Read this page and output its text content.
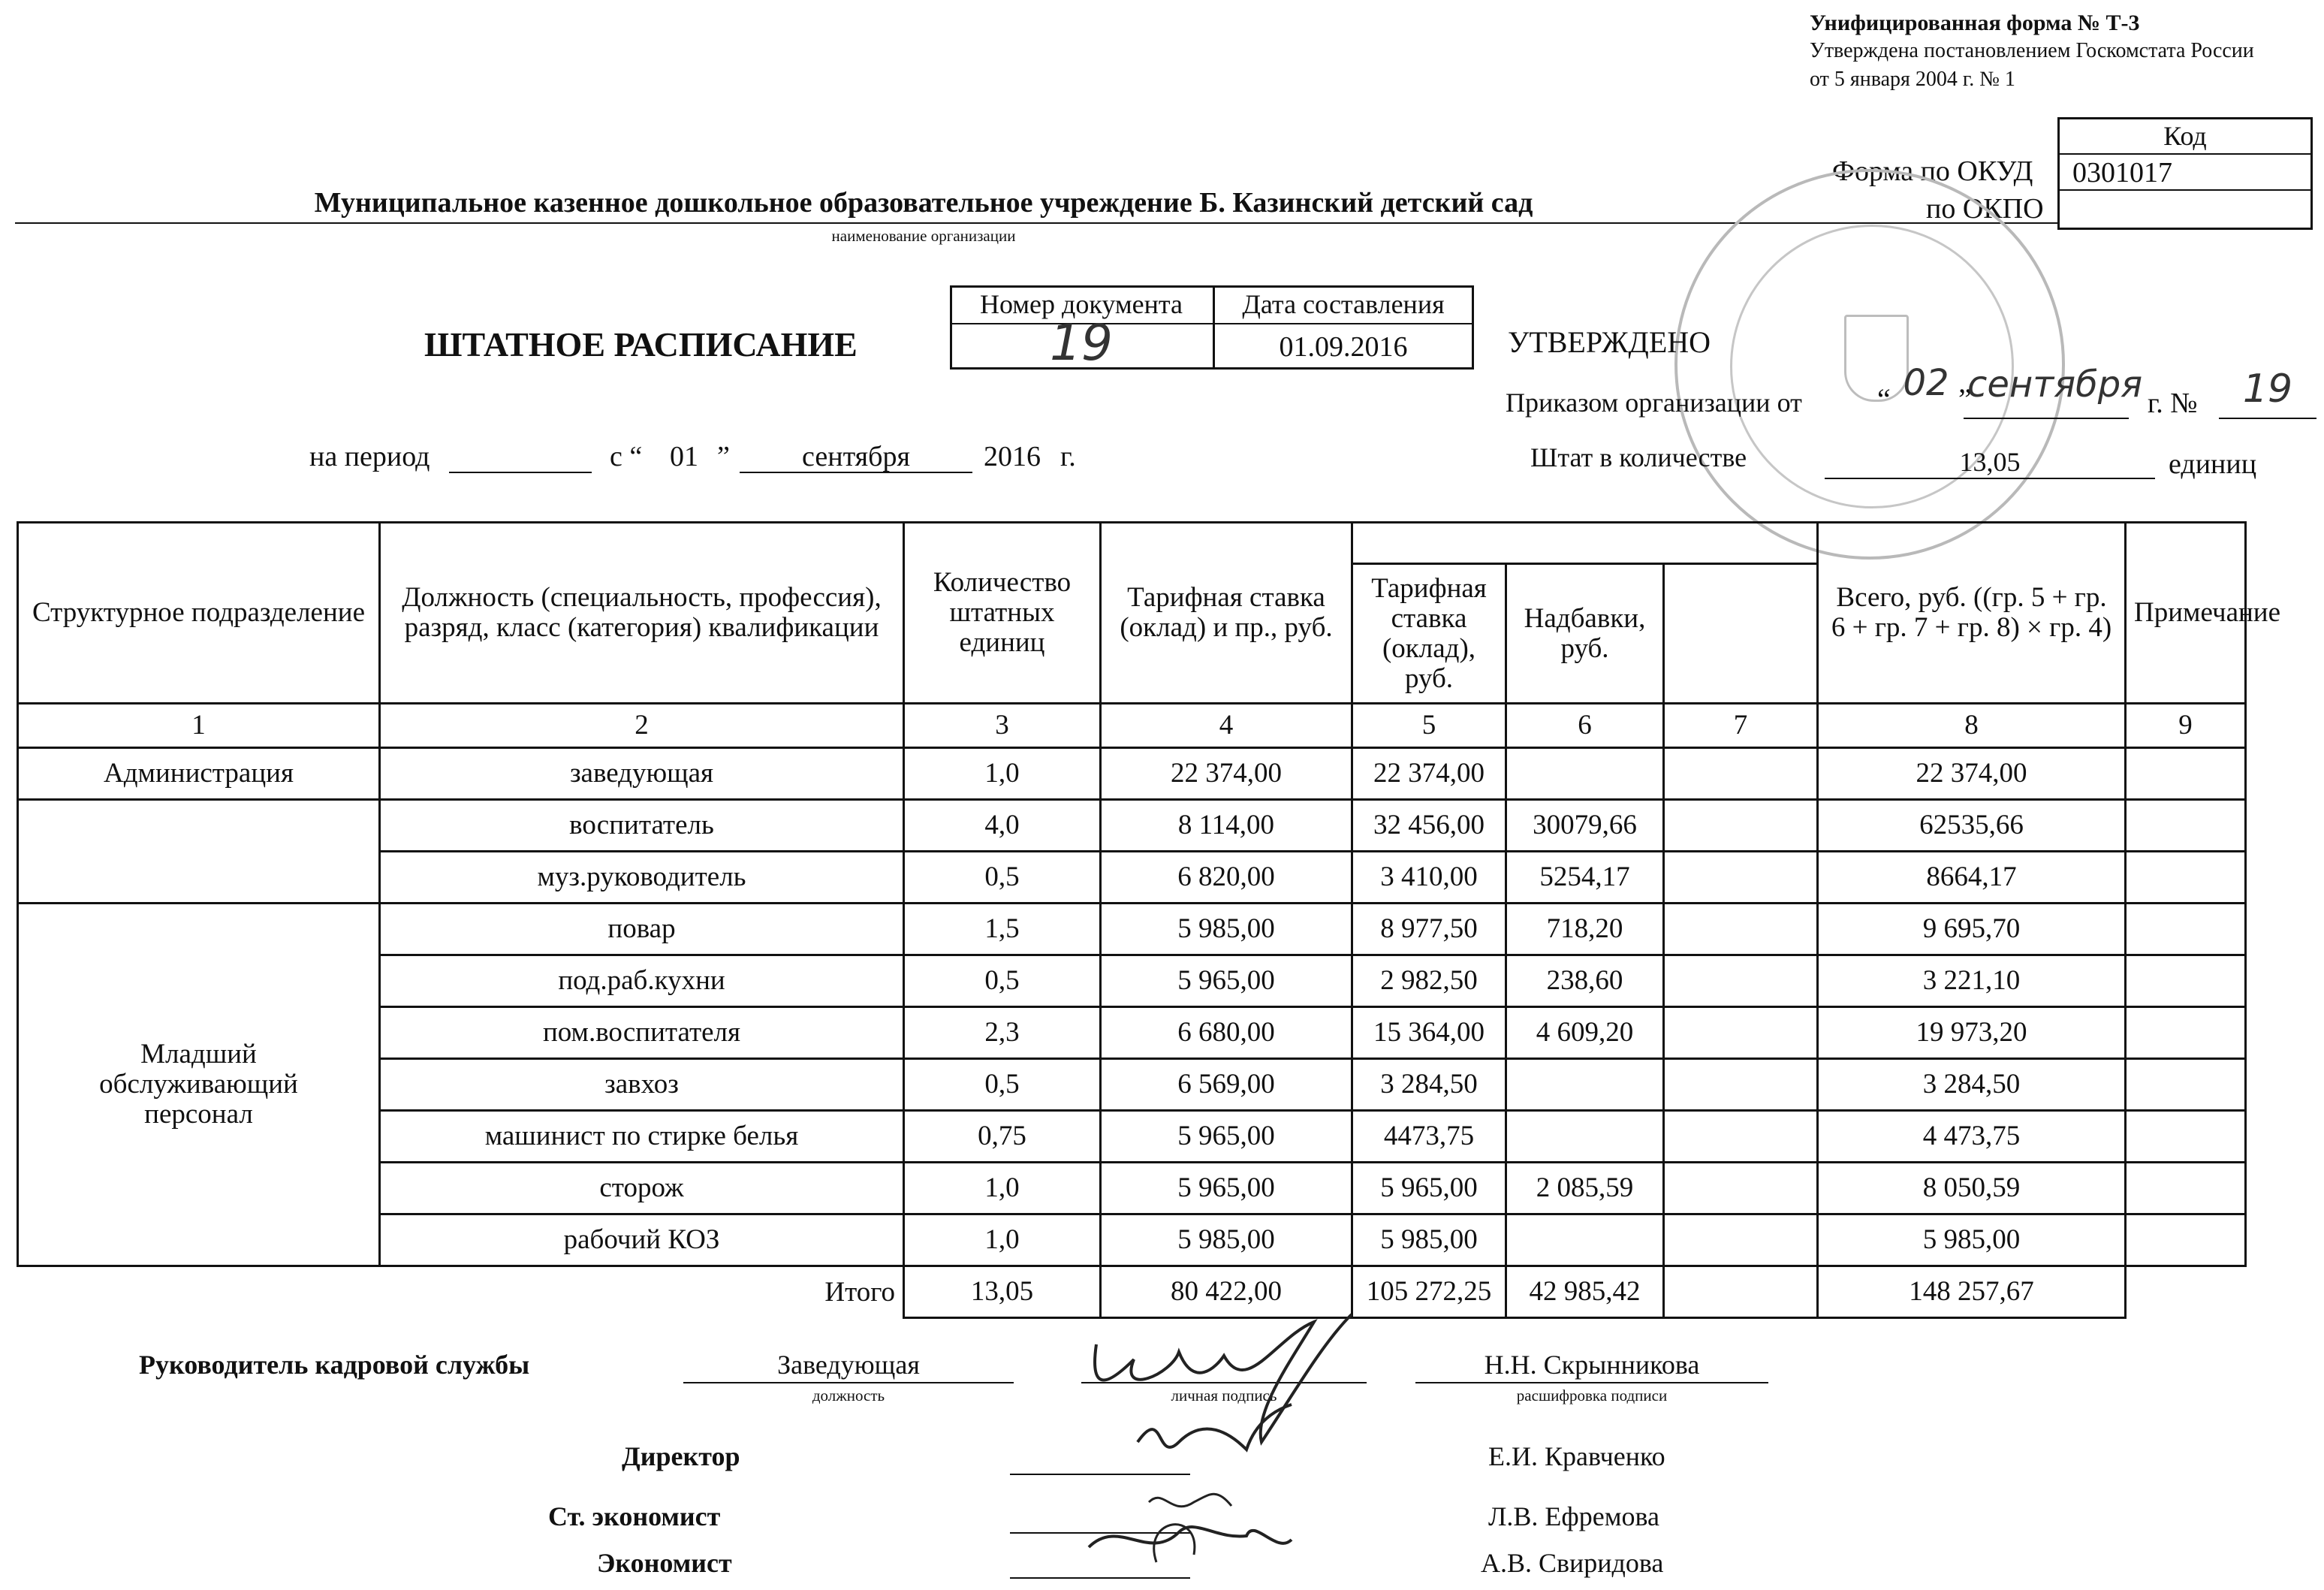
Унифицированная форма № Т-3
Утверждена постановлением Госкомстата России
от 5 января 2004 г. № 1
Код
0301017
Форма по ОКУД
по ОКПО
Муниципальное казенное дошкольное образовательное учреждение Б. Казинский детский сад
наименование организации
ШТАТНОЕ РАСПИСАНИЕ
Номер документа	Дата составления
19	01.09.2016	УТВЕРЖДЕНО
Приказом организации от	“ 02 ”
сентября г. №	19
Штат в количестве	13,05	единиц
на период	с “ 01 ”	сентября	2016 г.
Структурное подразделение	Должность (специальность, профессия), разряд, класс (категория) квалификации	Количество штатных единиц	Тарифная ставка (оклад) и пр., руб.				Всего, руб. ((гр. 5 + гр. 6 + гр. 7 + гр. 8) × гр. 4)	Примечание
				Тарифная ставка (оклад), руб.	Надбавки, руб.			
1	2	3	4	5	6	7	8	9
Администрация	заведующая	1,0	22 374,00	22 374,00			22 374,00	
	воспитатель	4,0	8 114,00	32 456,00	30079,66		62535,66	
	муз.руководитель	0,5	6 820,00	3 410,00	5254,17		8664,17	
Младший обслуживающий персонал	повар	1,5	5 985,00	8 977,50	718,20		9 695,70	
	под.раб.кухни	0,5	5 965,00	2 982,50	238,60		3 221,10	
	пом.воспитателя	2,3	6 680,00	15 364,00	4 609,20		19 973,20	
	завхоз	0,5	6 569,00	3 284,50			3 284,50	
	машинист по стирке белья	0,75	5 965,00	4473,75			4 473,75	
	сторож	1,0	5 965,00	5 965,00	2 085,59		8 050,59	
	рабочий КОЗ	1,0	5 985,00	5 985,00			5 985,00	
	Итого	13,05	80 422,00	105 272,25	42 985,42		148 257,67	
Руководитель кадровой службы	Заведующая	Н.Н. Скрынникова
должность	личная подпись	расшифровка подписи
Директор	Е.И. Кравченко
Ст. экономист	Л.В. Ефремова
Экономист	А.В. Свиридова
